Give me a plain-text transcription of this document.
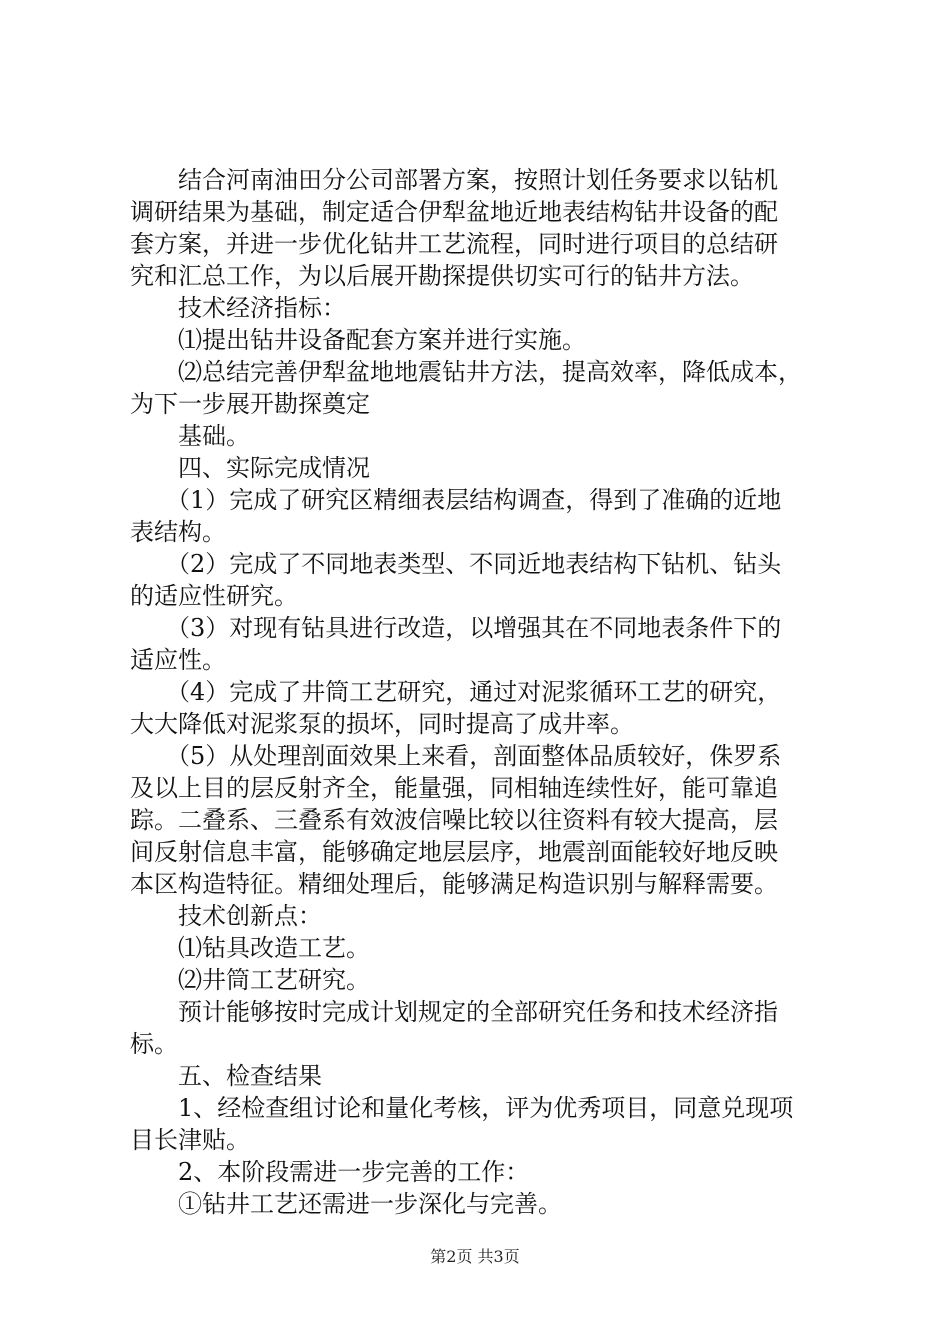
　　结合河南油田分公司部署方案，按照计划任务要求以钻机
调研结果为基础，制定适合伊犁盆地近地表结构钻井设备的配
套方案，并进一步优化钻井工艺流程，同时进行项目的总结研
究和汇总工作，为以后展开勘探提供切实可行的钻井方法。
　　技术经济指标：
　　⑴提出钻井设备配套方案并进行实施。
　　⑵总结完善伊犁盆地地震钻井方法，提高效率，降低成本，
为下一步展开勘探奠定
　　基础。
　　四、实际完成情况
　　（1）完成了研究区精细表层结构调查，得到了准确的近地
表结构。
　　（2）完成了不同地表类型、不同近地表结构下钻机、钻头
的适应性研究。
　　（3）对现有钻具进行改造，以增强其在不同地表条件下的
适应性。
　　（4）完成了井筒工艺研究，通过对泥浆循环工艺的研究，
大大降低对泥浆泵的损坏，同时提高了成井率。
　　（5）从处理剖面效果上来看，剖面整体品质较好，侏罗系
及以上目的层反射齐全，能量强，同相轴连续性好，能可靠追
踪。二叠系、三叠系有效波信噪比较以往资料有较大提高，层
间反射信息丰富，能够确定地层层序，地震剖面能较好地反映
本区构造特征。精细处理后，能够满足构造识别与解释需要。
　　技术创新点：
　　⑴钻具改造工艺。
　　⑵井筒工艺研究。
　　预计能够按时完成计划规定的全部研究任务和技术经济指
标。
　　五、检查结果
　　1、经检查组讨论和量化考核，评为优秀项目，同意兑现项
目长津贴。
　　2、本阶段需进一步完善的工作：
　　①钻井工艺还需进一步深化与完善。
第2页 共3页
